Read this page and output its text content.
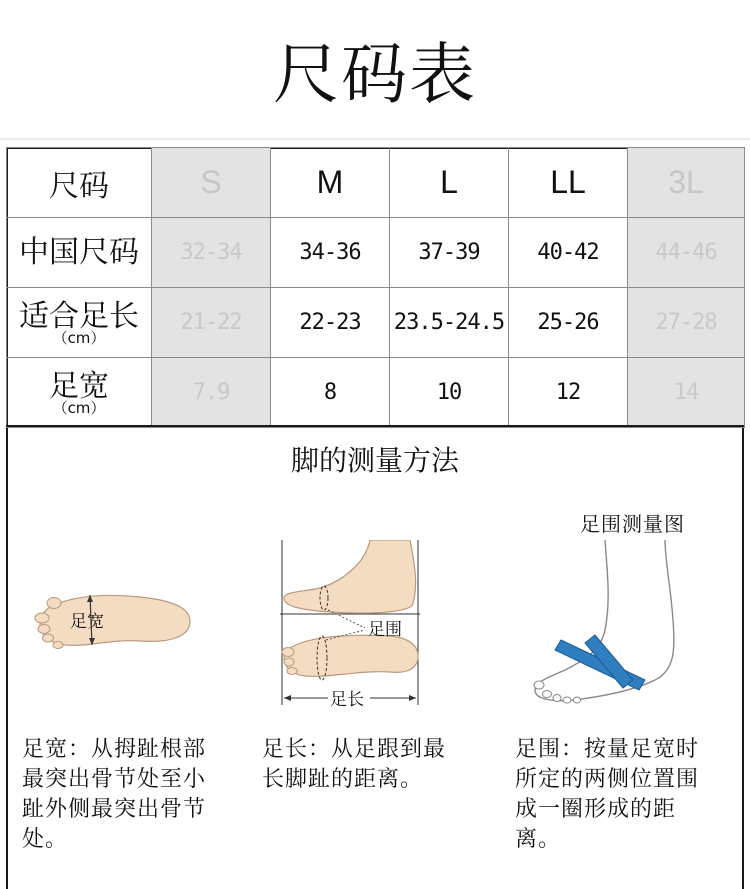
尺码表
尺码	S	M	L	LL	3L

中国尺码	32-34	34-36	37-39	40-42	44-46

适合足长
（cm）	21-22	22-23	23.5-24.5	25-26	27-28

足宽
（cm）	7.9	8	10	12	14
脚的测量方法
足宽	足围
足长
足围测量图
足宽：从拇趾根部
最突出骨节处至小
趾外侧最突出骨节
处。
足长：从足跟到最
长脚趾的距离。
足围：按量足宽时
所定的两侧位置围
成一圈形成的距
离。
